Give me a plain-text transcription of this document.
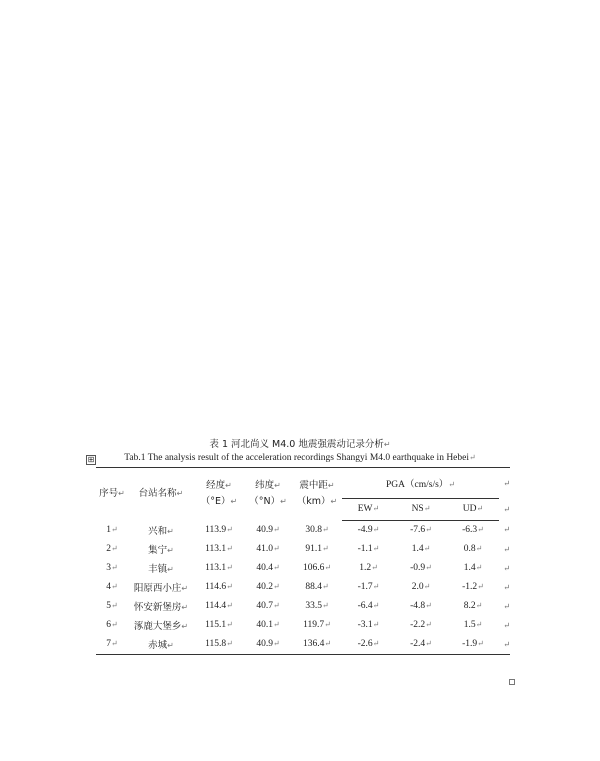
表 1 河北尚义 M4.0 地震强震动记录分析↵
Tab.1 The analysis result of the acceleration recordings Shangyi M4.0 earthquake in Hebei↵
⊞
序号↵	台站名称↵	经度↵
（°E）↵	纬度↵
（°N）↵	震中距↵
（km）↵	PGA（cm/s/s）↵			↵
					EW↵	NS↵	UD↵	↵
1↵	兴和↵	113.9↵	40.9↵	30.8↵	-4.9↵	-7.6↵	-6.3↵	↵
2↵	集宁↵	113.1↵	41.0↵	91.1↵	-1.1↵	1.4↵	0.8↵	↵
3↵	丰镇↵	113.1↵	40.4↵	106.6↵	1.2↵	-0.9↵	1.4↵	↵
4↵	阳原西小庄↵	114.6↵	40.2↵	88.4↵	-1.7↵	2.0↵	-1.2↵	↵
5↵	怀安新堡房↵	114.4↵	40.7↵	33.5↵	-6.4↵	-4.8↵	8.2↵	↵
6↵	涿鹿大堡乡↵	115.1↵	40.1↵	119.7↵	-3.1↵	-2.2↵	1.5↵	↵
7↵	赤城↵	115.8↵	40.9↵	136.4↵	-2.6↵	-2.4↵	-1.9↵	↵
